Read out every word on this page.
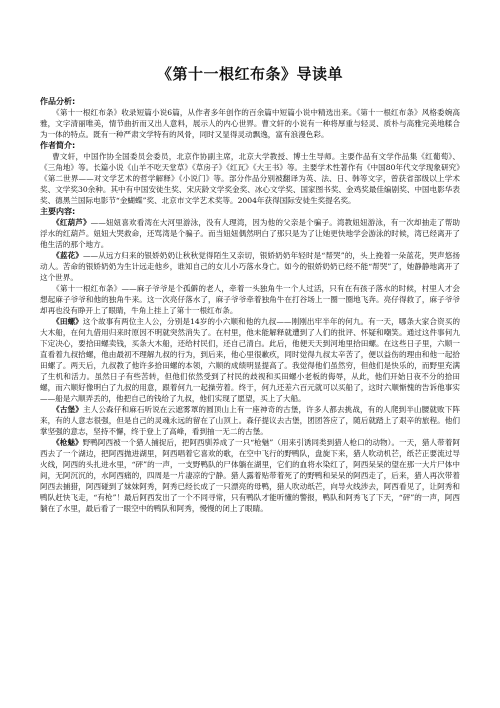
《第十一根红布条》导读单
作品分析:

《第十一根红布条》收录短篇小说6篇，从作者多年创作的百余篇中短篇小说中精选出来。《第十一根红布条》风格委婉高雅，文字清丽唯美，情节曲折而又出人意料，展示人的内心世界。曹文轩的小说有一种将厚重与轻灵、质朴与高雅完美地糅合为一体的特点。既有一种严肃文学特有的风骨，同时又显得灵动飘逸，富有浪漫色彩。

作者简介:

曹文轩，中国作协全国委员会委员，北京作协副主席，北京大学教授、博士生导师。主要作品有文学作品集《红葡萄》、《三角地》等。长篇小说《山羊不吃天堂草》《草房子》《红瓦》《大王书》等。主要学术性著作有《中国80年代文学现象研究》《第二世界——对文学艺术的哲学解释》《小说门》等。部分作品分别被翻译为英、法、日、韩等文字，曾获省部级以上学术奖、文学奖30余种。其中有中国安徒生奖、宋庆龄文学奖金奖、冰心文学奖、国家图书奖、金鸡奖最佳编剧奖、中国电影华表奖、德黑兰国际电影节“金蝴蝶”奖、北京市文学艺术奖等。2004年获得国际安徒生奖提名奖。

主要内容:

《红葫芦》——妞妞喜欢看湾在大河里游泳，没有人理湾，因为他的父亲是个骗子。湾教妞妞游泳，有一次却抽走了帮助浮水的红葫芦。妞妞大哭救命，还骂湾是个骗子。而当妞妞偶然明白了那只是为了让她更快地学会游泳的时候，湾已经离开了他生活的那个地方。

《蓝花》——从远方归来的银娇奶奶让秋秋觉得陌生又亲切，银娇奶奶年轻时是“帮哭”的，头上挽着一朵蓝花，哭声悠扬动人。苦命的银娇奶奶为生计远走他乡，谁知自己的女儿小巧落水身亡。如今的银娇奶奶已经不能“帮哭”了，她静静地离开了这个世界。

《第十一根红布条》——麻子爷爷是个孤僻的老人，牵着一头独角牛一个人过活，只有在有孩子落水的时候，村里人才会想起麻子爷爷和他的独角牛来。这一次亮仔落水了，麻子爷爷牵着独角牛在打谷场上一圈一圈地飞奔。亮仔得救了，麻子爷爷却再也没有睁开上了眼睛，牛角上挂上了第十一根红布条。

《田螺》这个故事有两位主人公，分别是14岁的小六顺和他的九叔——刚刚出牢半年的何九。有一天，哪条大家合资买的大木船，在何九借用归来时原因不明就突然消失了。在村里，他未能解释就遭到了人们的批评、怀疑和嘲笑。通过这件事何九下定决心，要拾田螺卖钱，买条大木船，还给村民们，还自己清白。此后，他便天天到河地里拾田螺。在这些日子里，六顺一直看着九叔拾螺，他由最初不理解九叔的行为，到后来，他心里很歉疚，同时觉得九叔太辛苦了，便以益伤的理由和他一起拾田螺了。两天后，九叔教了他许多拾田螺的本领，六顺的成绩明显提高了。我觉得他们虽然穷，但他们是快乐的，而野里充满了生机和活力。虽然日子有些苦转，但他们依然受到了村民的歧视和买田螺小老板的侮辱，从此，他们开始日夜不分的拾田螺，而六顺好像明白了九叔的用意，跟着何九一起操劳着。终于，何九还差六百元就可以买船了，这时六顺惭愧的告诉他事实——船是六顺弄丢的，他把自己的钱给了九叔，他们实现了愿望，买上了大船。

《古堡》主人公森仔和麻石听说在云遮雾罩的圆顶山上有一座神奇的古堡，许多人都去挑战，有的人爬到半山腰就败下阵来，有的人意志很强，但是自己的灵魂永远的留在了山顶上。森仔提议去古堡，团团答应了，随后就踏上了艰辛的旅程。他们掌坚强的意志，坚持不懈，终于登上了高峰，看到抽一无二的古堡。

《枪魅》野鸭阿西被一个猎人捕捉后，把阿西驯养成了一只“枪魅”（用来引诱同类到猎人枪口的动物）。一天，猎人带着阿西去了一个湖边，把阿西抛进湖里，阿西唱着它喜欢的歌，在空中飞行的野鸭队，盘旋下来，猎人吹动机芒，纸芒正要流过导火线，阿西的头扎进水里，“砰”的一声，一支野鸭队的尸体躺在湖里，它们的血将水染红了，阿西呆呆的望在那一大片尸体中间，无阿沉沉的，水阿西痛的，四周是一片凄凉的宁静。猎人露着贴带着死了的野鸭和呆呆的阿西走了，后来，猎人再次带着阿西去捕猎，阿西碰到了妹妹阿秀，阿秀已经长成了一只漂亮的母鸭，猎人吹动纸芒，向导火线涉去，阿西看见了，让阿秀和鸭队赶快飞走，“有枪”！最后阿西发出了一个不同寻常，只有鸭队才能听懂的警报，鸭队和阿秀飞了下天，“砰”的一声，阿西躺在了水里，最后看了一眼空中的鸭队和阿秀，慢慢的闭上了眼睛。
